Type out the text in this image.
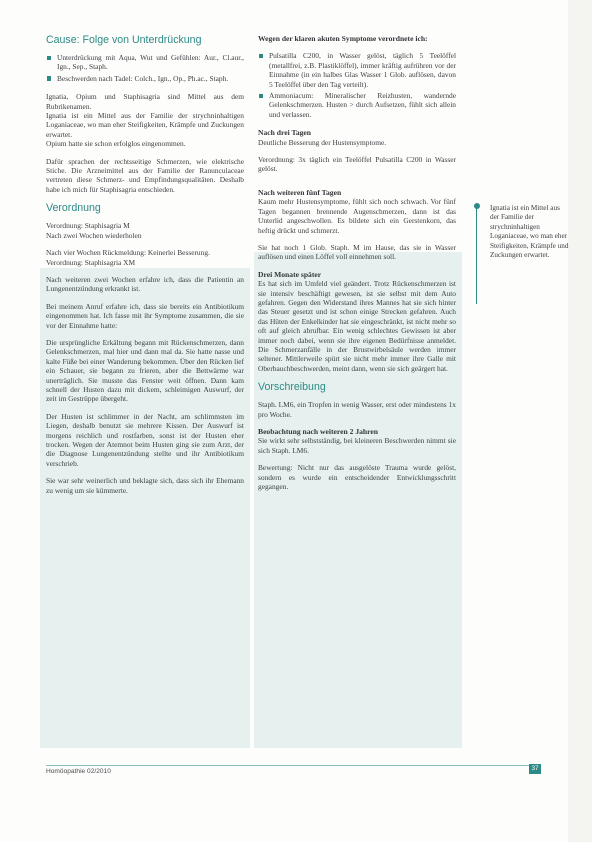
Cause: Folge von Unterdrückung
Unterdrückung mit Aqua, Wut und Gefühlen: Aur., Cl.aur., Ign., Sep., Staph.
Beschwerden nach Tadel: Colch., Ign., Op., Ph.ac., Staph.

Ignatia, Opium und Staphisagria sind Mittel aus dem Rubrikenamen.

Ignatia ist ein Mittel aus der Familie der strychninhaltigen Loganiaceae, wo man eher Steifigkeiten, Krämpfe und Zuckungen erwartet.

Opium hatte sie schon erfolglos eingenommen.

Dafür sprachen der rechtsseitige Schmerzen, wie elektrische Stiche. Die Arzneimittel aus der Familie der Ranunculaceae vertreten diese Schmerz- und Empfindungsqualitäten. Deshalb habe ich mich für Staphisagria entschieden.

Verordnung

Verordnung: Staphisagria M

Nach zwei Wochen wiederholen

Nach vier Wochen Rückmeldung: Keinerlei Besserung.

Verordnung: Staphisagria XM

Nach weiteren zwei Wochen erfahre ich, dass die Patientin an Lungenentzündung erkrankt ist.

Bei meinem Anruf erfahre ich, dass sie bereits ein Antibiotikum eingenommen hat. Ich fasse mit ihr Symptome zusammen, die sie vor der Einnahme hatte:

Die ursprüngliche Erkältung begann mit Rückenschmerzen, dann Gelenkschmerzen, mal hier und dann mal da. Sie hatte nasse und kalte Füße bei einer Wanderung bekommen. Über den Rücken lief ein Schauer, sie begann zu frieren, aber die Bettwärme war unerträglich. Sie musste das Fenster weit öffnen. Dann kam schnell der Husten dazu mit dickem, schleimigen Auswurf, der zeit im Gestrüppe übergeht.

Der Husten ist schlimmer in der Nacht, am schlimmsten im Liegen, deshalb benutzt sie mehrere Kissen. Der Auswurf ist morgens reichlich und rostfarben, sonst ist der Husten eher trocken. Wegen der Atemnot beim Husten ging sie zum Arzt, der die Diagnose Lungenentzündung stellte und ihr Antibiotikum verschrieb.

Sie war sehr weinerlich und beklagte sich, dass sich ihr Ehemann zu wenig um sie kümmerte.

Wegen der klaren akuten Symptome verordnete ich:
Pulsatilla C200, in Wasser gelöst, täglich 5 Teelöffel (metallfrei, z.B. Plastiklöffel), immer kräftig aufrühren vor der Einnahme (in ein halbes Glas Wasser 1 Glob. auflösen, davon 5 Teelöffel über den Tag verteilt).
Ammoniacum: Mineralischer Reizhusten, wandernde Gelenkschmerzen. Husten > durch Aufsetzen, fühlt sich allein und verlassen.
Nach drei Tagen

Deutliche Besserung der Hustensymptome.

Verordnung: 3x täglich ein Teelöffel Pulsatilla C200 in Wasser gelöst.

Nach weiteren fünf Tagen

Kaum mehr Hustensymptome, fühlt sich noch schwach. Vor fünf Tagen begannen brennende Augenschmerzen, dann ist das Unterlid angeschwollen. Es bildete sich ein Gerstenkorn, das heftig drückt und schmerzt.

Sie hat noch 1 Glob. Staph. M im Hause, das sie in Wasser auflösen und einen Löffel voll einnehmen soll.

Drei Monate später

Es hat sich im Umfeld viel geändert. Trotz Rückenschmerzen ist sie intensiv beschäftigt gewesen, ist sie selbst mit dem Auto gefahren. Gegen den Widerstand ihres Mannes hat sie sich hinter das Steuer gesetzt und ist schon einige Strecken gefahren. Auch das Hüten der Enkelkinder hat sie eingeschränkt, ist nicht mehr so oft auf gleich abrufbar. Ein wenig schlechtes Gewissen ist aber immer noch dabei, wenn sie ihre eigenen Bedürfnisse anmeldet. Die Schmerzanfälle in der Brustwirbelsäule werden immer seltener. Mittlerweile spürt sie nicht mehr immer ihre Galle mit Oberbauchbeschwerden, meint dann, wenn sie sich geärgert hat.

Vorschreibung

Staph. LM6, ein Tropfen in wenig Wasser, erst oder mindestens 1x pro Woche.

Beobachtung nach weiteren 2 Jahren

Sie wirkt sehr selbstständig, bei kleineren Beschwerden nimmt sie sich Staph. LM6.

Bewertung: Nicht nur das ausgelöste Trauma wurde gelöst, sondern es wurde ein entscheidender Entwicklungsschritt gegangen.

Ignatia ist ein Mittel aus der Familie der strychninhaltigen Loganiaceae, wo man eher Steifigkeiten, Krämpfe und Zuckungen erwartet.
Homöopathie 02/2010	37
